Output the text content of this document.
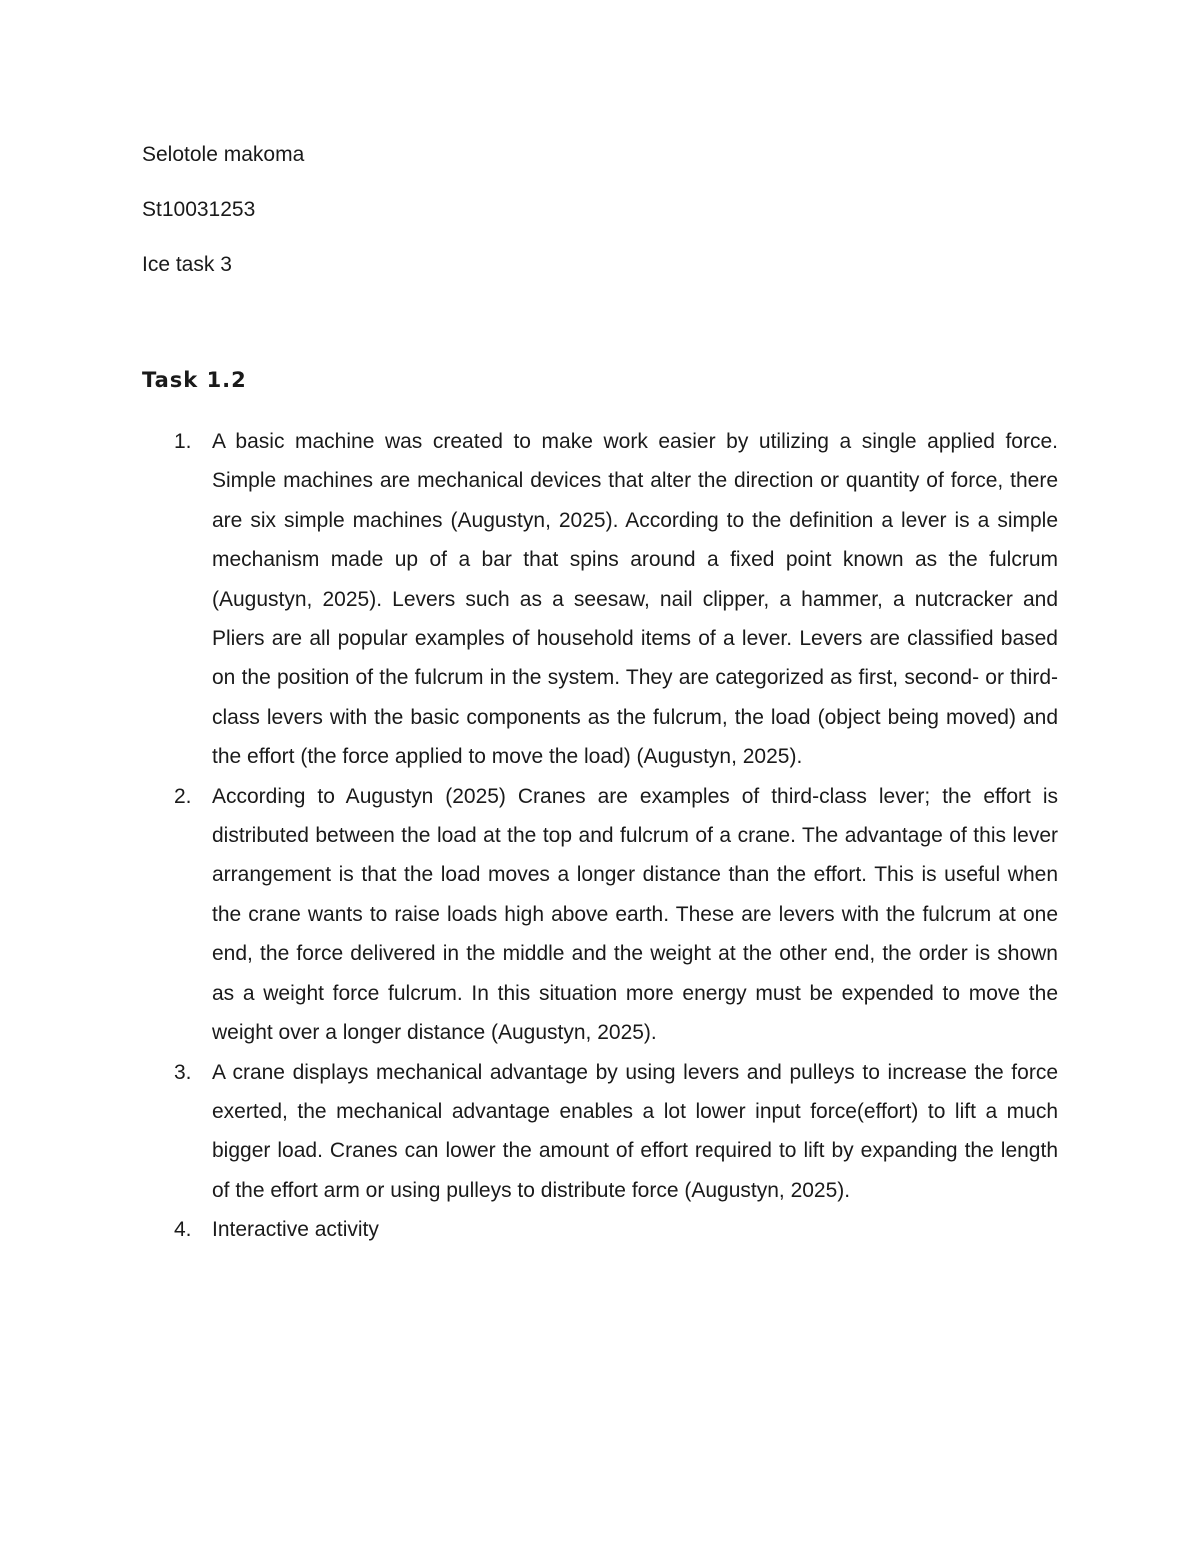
Selotole makoma
St10031253
Ice task 3
Task 1.2
1. A basic machine was created to make work easier by utilizing a single applied force. Simple machines are mechanical devices that alter the direction or quantity of force, there are six simple machines (Augustyn, 2025). According to the definition a lever is a simple mechanism made up of a bar that spins around a fixed point known as the fulcrum (Augustyn, 2025). Levers such as a seesaw, nail clipper, a hammer, a nutcracker and Pliers are all popular examples of household items of a lever. Levers are classified based on the position of the fulcrum in the system. They are categorized as first, second- or third-class levers with the basic components as the fulcrum, the load (object being moved) and the effort (the force applied to move the load) (Augustyn, 2025).

2. According to Augustyn (2025) Cranes are examples of third-class lever; the effort is distributed between the load at the top and fulcrum of a crane. The advantage of this lever arrangement is that the load moves a longer distance than the effort. This is useful when the crane wants to raise loads high above earth. These are levers with the fulcrum at one end, the force delivered in the middle and the weight at the other end, the order is shown as a weight force fulcrum. In this situation more energy must be expended to move the weight over a longer distance (Augustyn, 2025).

3. A crane displays mechanical advantage by using levers and pulleys to increase the force exerted, the mechanical advantage enables a lot lower input force(effort) to lift a much bigger load. Cranes can lower the amount of effort required to lift by expanding the length of the effort arm or using pulleys to distribute force (Augustyn, 2025).

4. Interactive activity
